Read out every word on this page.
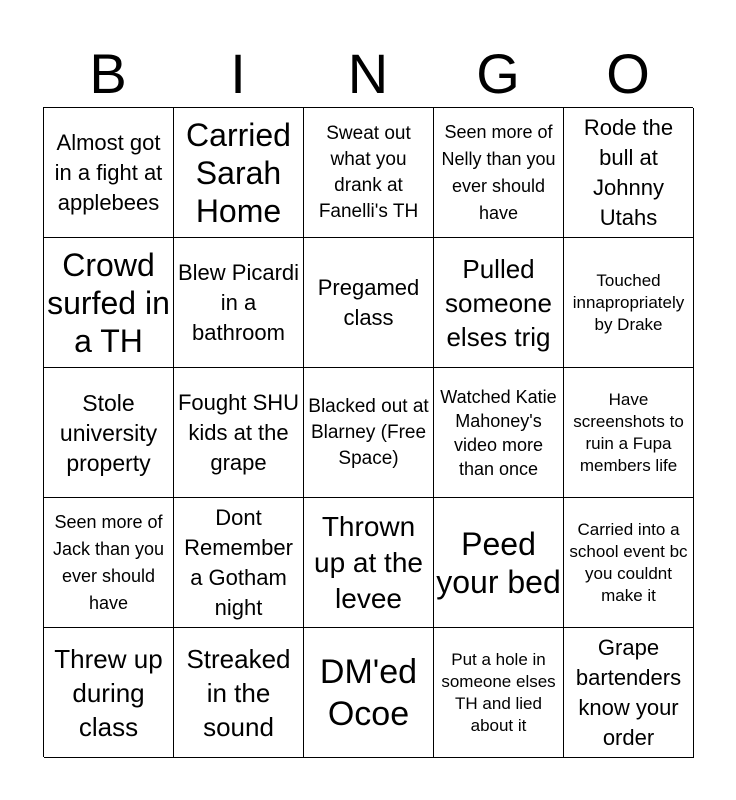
B	I	N	G	O
Almost got in a fight at applebees
Carried Sarah Home
Sweat out what you drank at Fanelli's TH
Seen more of Nelly than you ever should have
Rode the bull at Johnny Utahs
Crowd surfed in a TH
Blew Picardi in a bathroom
Pregamed class
Pulled someone elses trig
Touched innapropriately by Drake
Stole university property
Fought SHU kids at the grape
Blacked out at Blarney (Free Space)
Watched Katie Mahoney's video more than once
Have screenshots to ruin a Fupa members life
Seen more of Jack than you ever should have
Dont Remember a Gotham night
Thrown up at the levee
Peed your bed
Carried into a school event bc you couldnt make it
Threw up during class
Streaked in the sound
DM'ed Ocoe
Put a hole in someone elses TH and lied about it
Grape bartenders know your order
